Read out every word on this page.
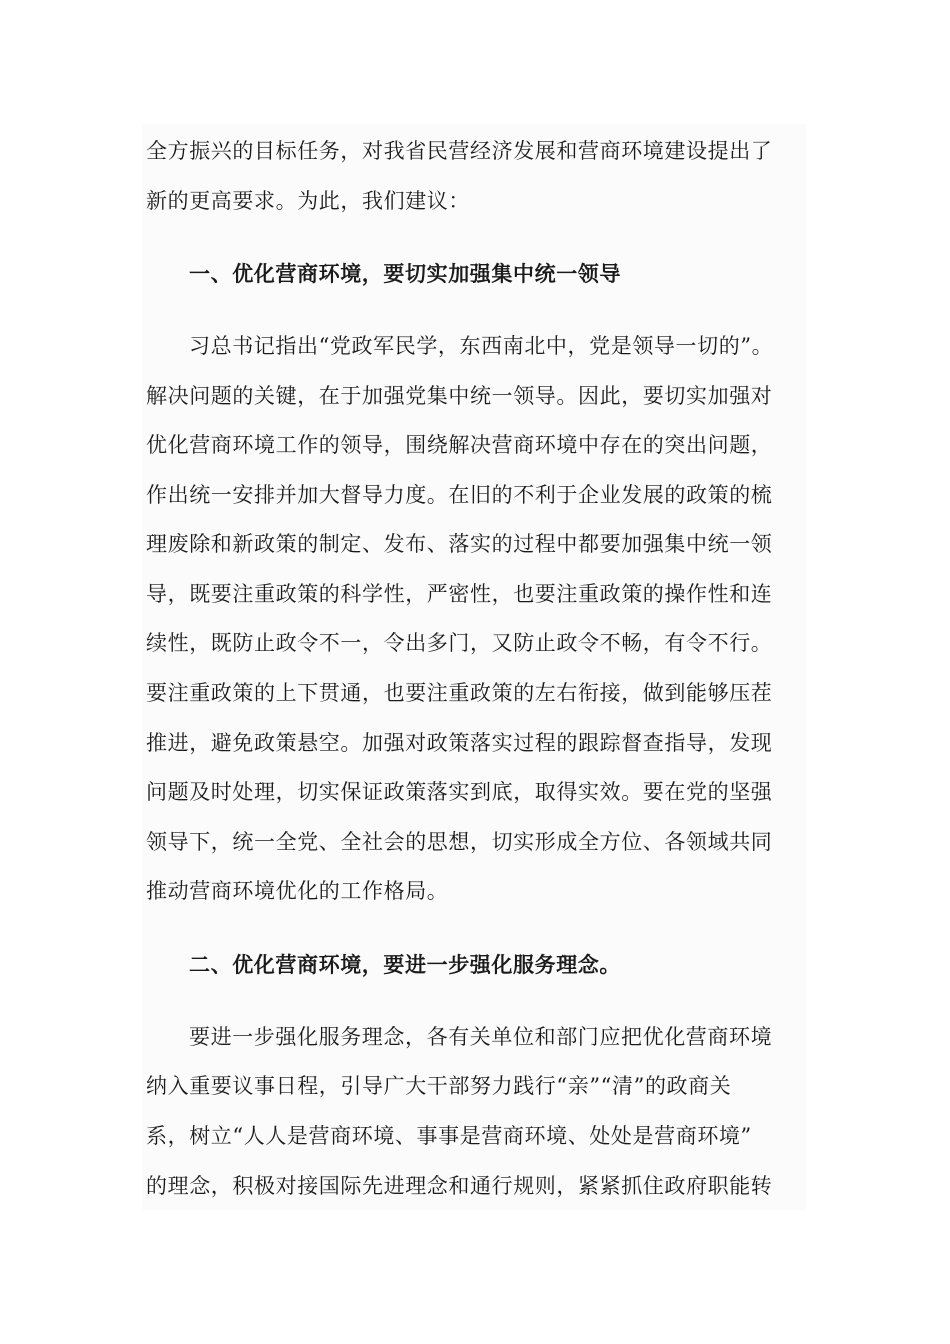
全方振兴的目标任务，对我省民营经济发展和营商环境建设提出了
新的更高要求。为此，我们建议：
一、优化营商环境，要切实加强集中统一领导
习总书记指出“党政军民学，东西南北中，党是领导一切的”。
解决问题的关键，在于加强党集中统一领导。因此，要切实加强对
优化营商环境工作的领导，围绕解决营商环境中存在的突出问题，
作出统一安排并加大督导力度。在旧的不利于企业发展的政策的梳
理废除和新政策的制定、发布、落实的过程中都要加强集中统一领
导，既要注重政策的科学性，严密性，也要注重政策的操作性和连
续性，既防止政令不一，令出多门，又防止政令不畅，有令不行。
要注重政策的上下贯通，也要注重政策的左右衔接，做到能够压茬
推进，避免政策悬空。加强对政策落实过程的跟踪督查指导，发现
问题及时处理，切实保证政策落实到底，取得实效。要在党的坚强
领导下，统一全党、全社会的思想，切实形成全方位、各领域共同
推动营商环境优化的工作格局。
二、优化营商环境，要进一步强化服务理念。
要进一步强化服务理念，各有关单位和部门应把优化营商环境
纳入重要议事日程，引导广大干部努力践行“亲”“清”的政商关
系，树立“人人是营商环境、事事是营商环境、处处是营商环境”
的理念，积极对接国际先进理念和通行规则，紧紧抓住政府职能转
